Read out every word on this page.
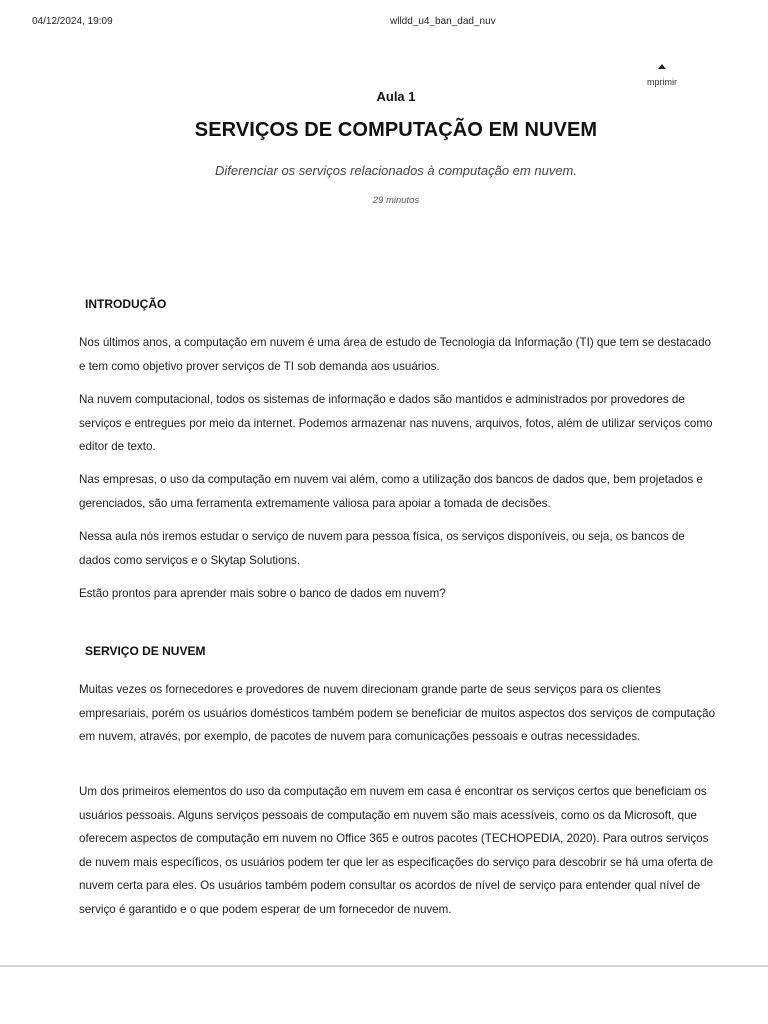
04/12/2024, 19:09	wlldd_u4_ban_dad_nuv
mprimir
Aula 1
SERVIÇOS DE COMPUTAÇÃO EM NUVEM
Diferenciar os serviços relacionados à computação em nuvem.
29 minutos
INTRODUÇÃO
Nos últimos anos, a computação em nuvem é uma área de estudo de Tecnologia da Informação (TI) que tem se destacado e tem como objetivo prover serviços de TI sob demanda aos usuários.
Na nuvem computacional, todos os sistemas de informação e dados são mantidos e administrados por provedores de serviços e entregues por meio da internet. Podemos armazenar nas nuvens, arquivos, fotos, além de utilizar serviços como editor de texto.
Nas empresas, o uso da computação em nuvem vai além, como a utilização dos bancos de dados que, bem projetados e gerenciados, são uma ferramenta extremamente valiosa para apoiar a tomada de decisões.
Nessa aula nós iremos estudar o serviço de nuvem para pessoa física, os serviços disponíveis, ou seja, os bancos de dados como serviços e o Skytap Solutions.
Estão prontos para aprender mais sobre o banco de dados em nuvem?
SERVIÇO DE NUVEM
Muitas vezes os fornecedores e provedores de nuvem direcionam grande parte de seus serviços para os clientes empresariais, porém os usuários domésticos também podem se beneficiar de muitos aspectos dos serviços de computação em nuvem, através, por exemplo, de pacotes de nuvem para comunicações pessoais e outras necessidades.
Um dos primeiros elementos do uso da computação em nuvem em casa é encontrar os serviços certos que beneficiam os usuários pessoais. Alguns serviços pessoais de computação em nuvem são mais acessíveis, como os da Microsoft, que oferecem aspectos de computação em nuvem no Office 365 e outros pacotes (TECHOPEDIA, 2020). Para outros serviços de nuvem mais específicos, os usuários podem ter que ler as especificações do serviço para descobrir se há uma oferta de nuvem certa para eles. Os usuários também podem consultar os acordos de nível de serviço para entender qual nível de serviço é garantido e o que podem esperar de um fornecedor de nuvem.
